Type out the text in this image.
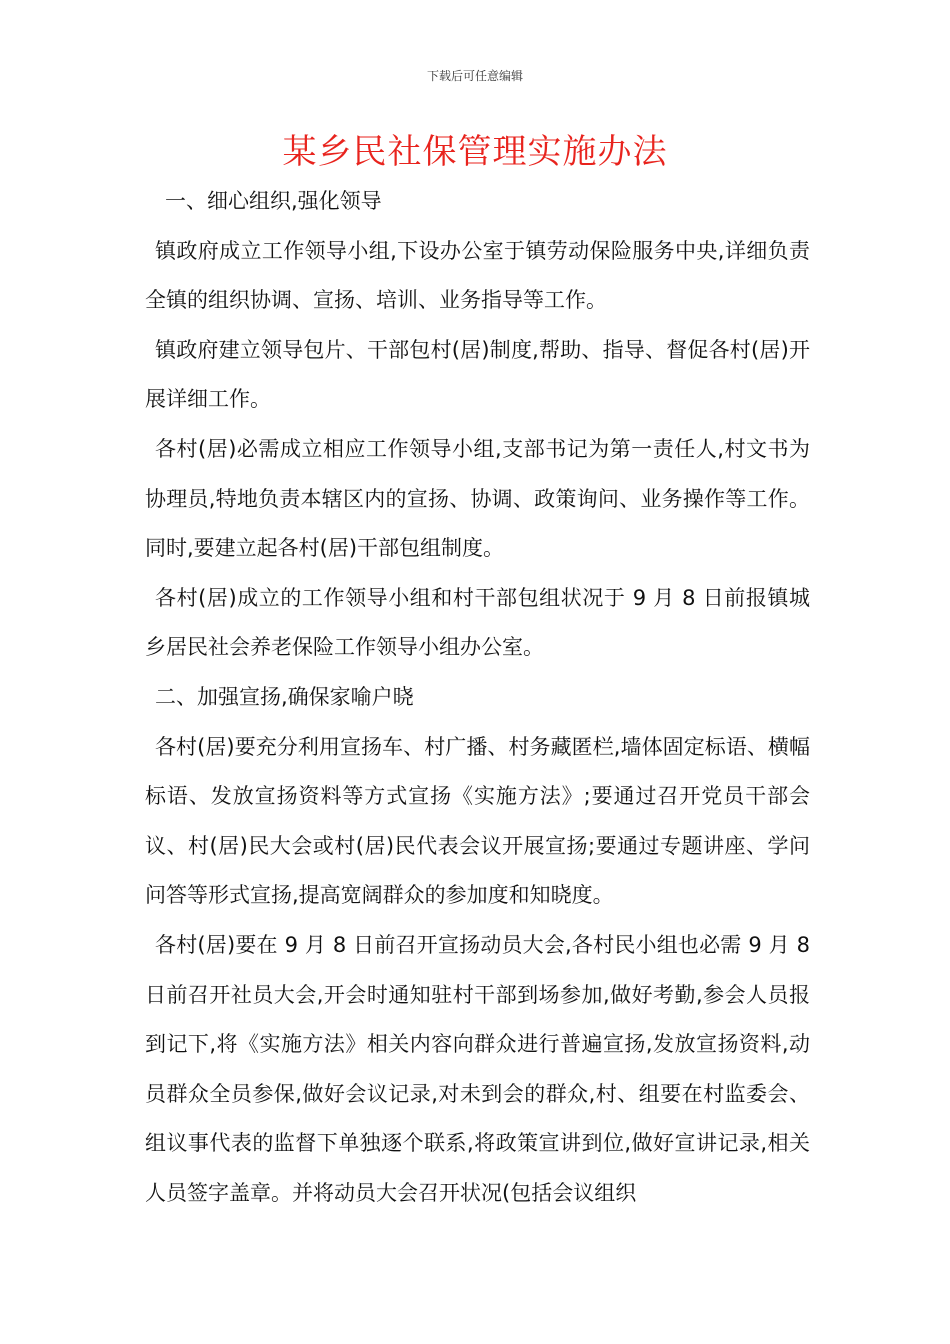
下载后可任意编辑
某乡民社保管理实施办法

一、细心组织,强化领导

镇政府成立工作领导小组,下设办公室于镇劳动保险服务中央,详细负责全镇的组织协调、宣扬、培训、业务指导等工作。

镇政府建立领导包片、干部包村(居)制度,帮助、指导、督促各村(居)开展详细工作。

各村(居)必需成立相应工作领导小组,支部书记为第一责任人,村文书为协理员,特地负责本辖区内的宣扬、协调、政策询问、业务操作等工作。同时,要建立起各村(居)干部包组制度。

各村(居)成立的工作领导小组和村干部包组状况于 9 月 8 日前报镇城乡居民社会养老保险工作领导小组办公室。

二、加强宣扬,确保家喻户晓

各村(居)要充分利用宣扬车、村广播、村务藏匿栏,墙体固定标语、横幅标语、发放宣扬资料等方式宣扬《实施方法》;要通过召开党员干部会议、村(居)民大会或村(居)民代表会议开展宣扬;要通过专题讲座、学问问答等形式宣扬,提高宽阔群众的参加度和知晓度。

各村(居)要在 9 月 8 日前召开宣扬动员大会,各村民小组也必需 9 月 8 日前召开社员大会,开会时通知驻村干部到场参加,做好考勤,参会人员报到记下,将《实施方法》相关内容向群众进行普遍宣扬,发放宣扬资料,动员群众全员参保,做好会议记录,对未到会的群众,村、组要在村监委会、组议事代表的监督下单独逐个联系,将政策宣讲到位,做好宣讲记录,相关人员签字盖章。并将动员大会召开状况(包括会议组织
